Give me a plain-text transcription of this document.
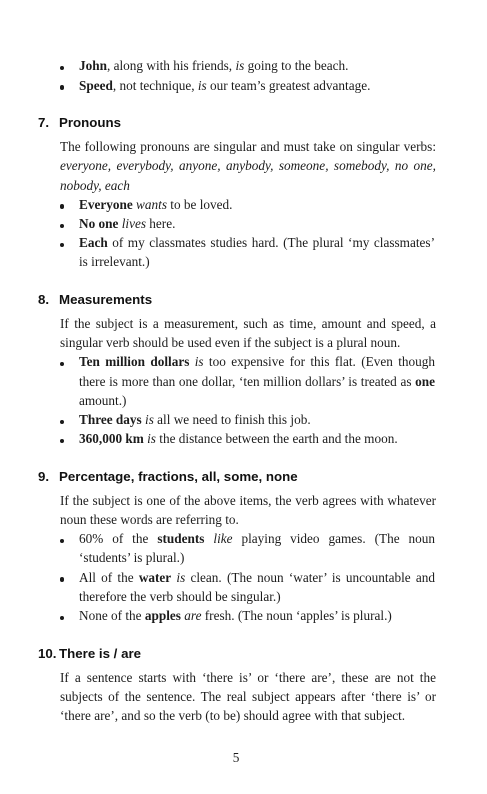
John, along with his friends, is going to the beach.
Speed, not technique, is our team’s greatest advantage.
7. Pronouns

The following pronouns are singular and must take on singular verbs: everyone, everybody, anyone, anybody, someone, somebody, no one, nobody, each

Everyone wants to be loved.
No one lives here.
Each of my classmates studies hard. (The plural ‘my classmates’ is irrelevant.)
8. Measurements

If the subject is a measurement, such as time, amount and speed, a singular verb should be used even if the subject is a plural noun.

Ten million dollars is too expensive for this flat. (Even though there is more than one dollar, ‘ten million dollars’ is treated as one amount.)
Three days is all we need to finish this job.
360,000 km is the distance between the earth and the moon.
9. Percentage, fractions, all, some, none

If the subject is one of the above items, the verb agrees with whatever noun these words are referring to.

60% of the students like playing video games. (The noun ‘students’ is plural.)
All of the water is clean. (The noun ‘water’ is uncountable and therefore the verb should be singular.)
None of the apples are fresh. (The noun ‘apples’ is plural.)
10. There is / are

If a sentence starts with ‘there is’ or ‘there are’, these are not the subjects of the sentence. The real subject appears after ‘there is’ or ‘there are’, and so the verb (to be) should agree with that subject.

5
